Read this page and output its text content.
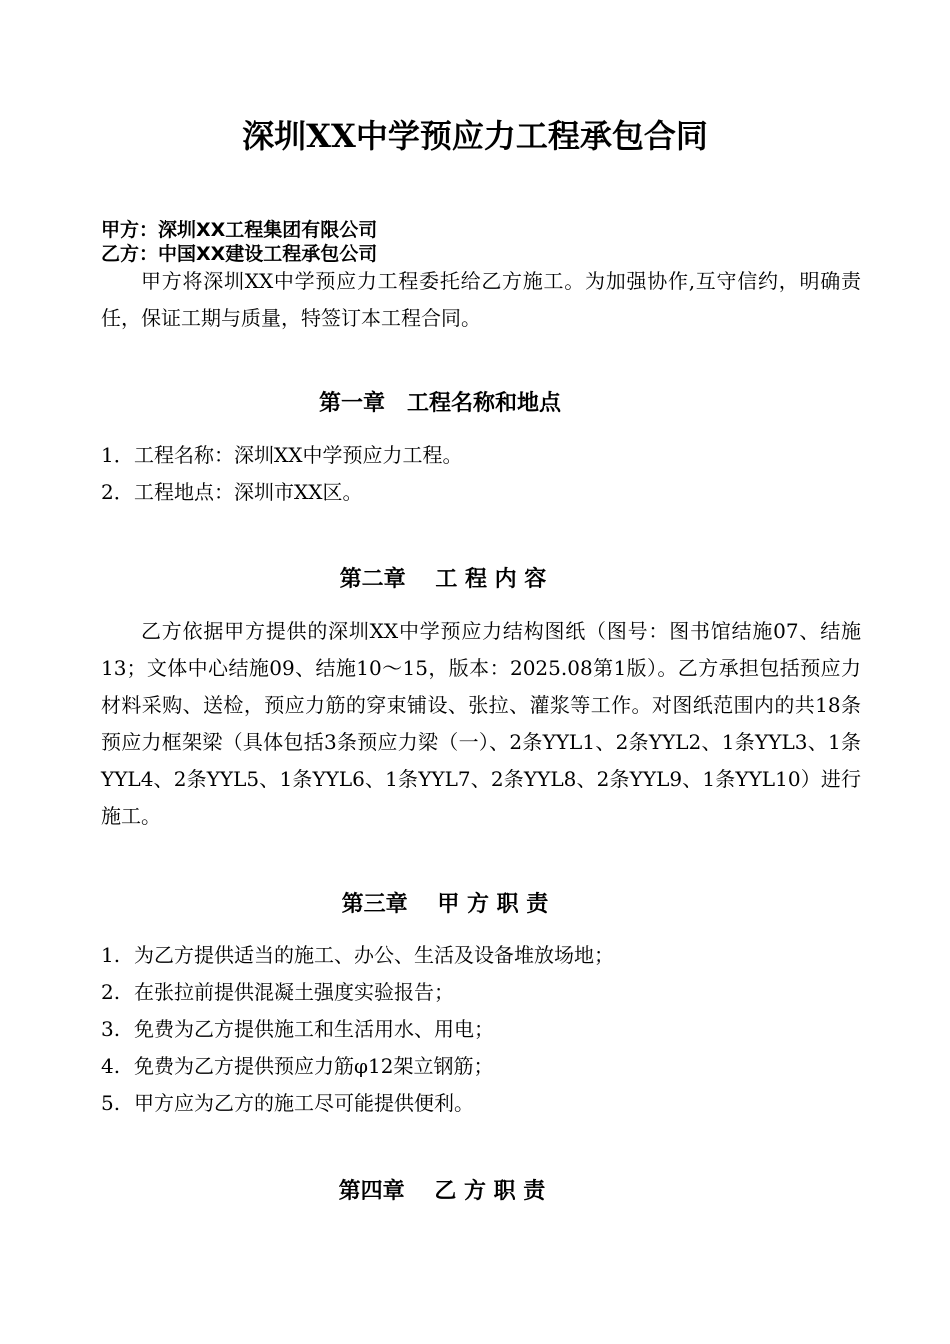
深圳XX中学预应力工程承包合同

甲方：深圳XX工程集团有限公司

乙方：中国XX建设工程承包公司

甲方将深圳XX中学预应力工程委托给乙方施工。为加强协作,互守信约，明确责任，保证工期与质量，特签订本工程合同。

第一章　工程名称和地点
1．工程名称：深圳XX中学预应力工程。
2．工程地点：深圳市XX区。
第二章　 工 程 内 容

乙方依据甲方提供的深圳XX中学预应力结构图纸（图号：图书馆结施07、结施13；文体中心结施09、结施10～15，版本：2025.08第1版）。乙方承担包括预应力材料采购、送检，预应力筋的穿束铺设、张拉、灌浆等工作。对图纸范围内的共18条预应力框架梁（具体包括3条预应力梁（一）、2条YYL1、2条YYL2、1条YYL3、1条YYL4、2条YYL5、1条YYL6、1条YYL7、2条YYL8、2条YYL9、1条YYL10）进行施工。

第三章　 甲 方 职 责
1. 为乙方提供适当的施工、办公、生活及设备堆放场地；
2. 在张拉前提供混凝土强度实验报告；
3. 免费为乙方提供施工和生活用水、用电；
4. 免费为乙方提供预应力筋φ12架立钢筋；
5. 甲方应为乙方的施工尽可能提供便利。
第四章　 乙 方 职 责
